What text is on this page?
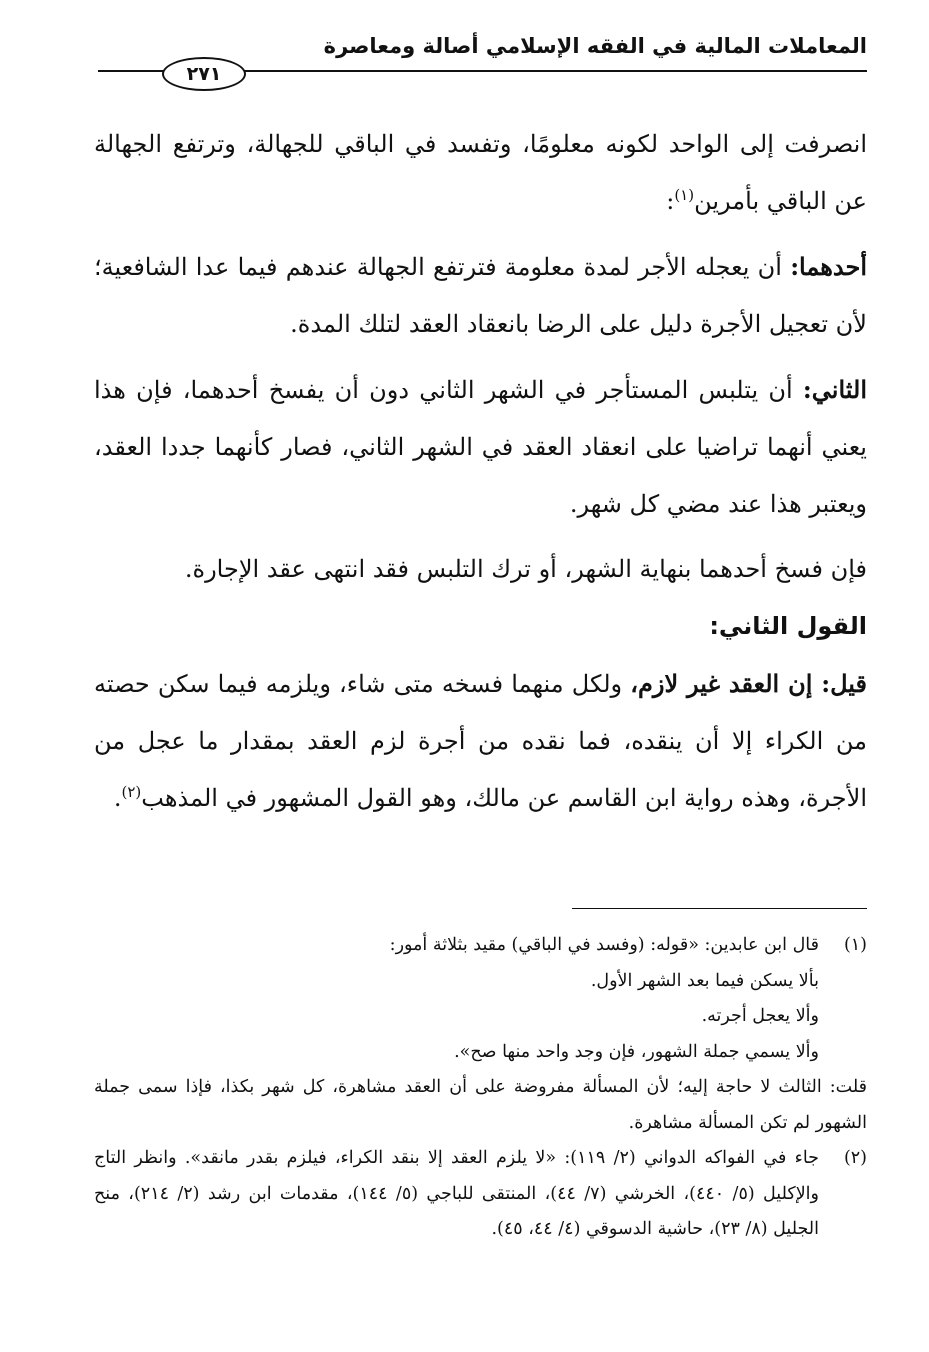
المعاملات المالية في الفقه الإسلامي أصالة ومعاصرة
٢٧١

انصرفت إلى الواحد لكونه معلومًا، وتفسد في الباقي للجهالة، وترتفع الجهالة عن الباقي بأمرين$^{(١)}$:

أحدهما: أن يعجله الأجر لمدة معلومة فترتفع الجهالة عندهم فيما عدا الشافعية؛ لأن تعجيل الأجرة دليل على الرضا بانعقاد العقد لتلك المدة.

الثاني: أن يتلبس المستأجر في الشهر الثاني دون أن يفسخ أحدهما، فإن هذا يعني أنهما تراضيا على انعقاد العقد في الشهر الثاني، فصار كأنهما جددا العقد، ويعتبر هذا عند مضي كل شهر.

فإن فسخ أحدهما بنهاية الشهر، أو ترك التلبس فقد انتهى عقد الإجارة.

القول الثاني:

قيل: إن العقد غير لازم، ولكل منهما فسخه متى شاء، ويلزمه فيما سكن حصته من الكراء إلا أن ينقده، فما نقده من أجرة لزم العقد بمقدار ما عجل من الأجرة، وهذه رواية ابن القاسم عن مالك، وهو القول المشهور في المذهب$^{(٢)}$.

(١)
قال ابن عابدين: «قوله: (وفسد في الباقي) مقيد بثلاثة أمور:
بألا يسكن فيما بعد الشهر الأول.
وألا يعجل أجرته.
وألا يسمي جملة الشهور، فإن وجد واحد منها صح».
قلت: الثالث لا حاجة إليه؛ لأن المسألة مفروضة على أن العقد مشاهرة، كل شهر بكذا، فإذا سمى جملة الشهور لم تكن المسألة مشاهرة.
(٢)
جاء في الفواكه الدواني (٢/ ١١٩): «لا يلزم العقد إلا بنقد الكراء، فيلزم بقدر مانقد». وانظر التاج والإكليل (٥/ ٤٤٠)، الخرشي (٧/ ٤٤)، المنتقى للباجي (٥/ ١٤٤)، مقدمات ابن رشد (٢/ ٢١٤)، منح الجليل (٨/ ٢٣)، حاشية الدسوقي (٤/ ٤٤، ٤٥).
